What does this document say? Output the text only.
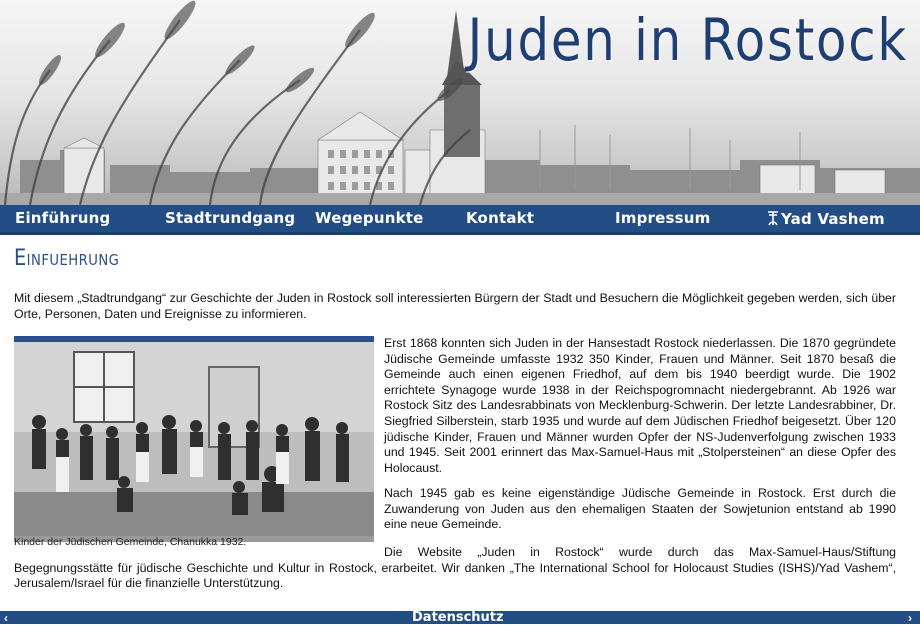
Juden in Rostock
Einführung	Stadtrundgang Wegepunkte	Kontakt	Impressum	Yad Vashem
Einfuehrung
Mit diesem „Stadtrundgang“ zur Geschichte der Juden in Rostock soll interessierten Bürgern der Stadt und Besuchern die Möglichkeit gegeben werden, sich über Orte, Personen, Daten und Ereignisse zu informieren.
Kinder der Jüdischen Gemeinde, Chanukka 1932.
Erst 1868 konnten sich Juden in der Hansestadt Rostock niederlassen. Die 1870 gegründete Jüdische Gemeinde umfasste 1932 350 Kinder, Frauen und Männer. Seit 1870 besaß die Gemeinde auch einen eigenen Friedhof, auf dem bis 1940 beerdigt wurde. Die 1902 errichtete Synagoge wurde 1938 in der Reichspogromnacht niedergebrannt. Ab 1926 war Rostock Sitz des Landesrabbinats von Mecklenburg-Schwerin. Der letzte Landesrabbiner, Dr. Siegfried Silberstein, starb 1935 und wurde auf dem Jüdischen Friedhof beigesetzt. Über 120 jüdische Kinder, Frauen und Männer wurden Opfer der NS-Judenverfolgung zwischen 1933 und 1945. Seit 2001 erinnert das Max-Samuel-Haus mit „Stolpersteinen“ an diese Opfer des Holocaust.
Nach 1945 gab es keine eigenständige Jüdische Gemeinde in Rostock. Erst durch die Zuwanderung von Juden aus den ehemaligen Staaten der Sowjetunion entstand ab 1990 eine neue Gemeinde.
Die Website „Juden in Rostock“ wurde durch das Max-Samuel-Haus/Stiftung Begegnungsstätte für jüdische Geschichte und Kultur in Rostock, erarbeitet. Wir danken „The International School for Holocaust Studies (ISHS)/Yad Vashem“, Jerusalem/Israel für die finanzielle Unterstützung.
‹	Datenschutz	›
